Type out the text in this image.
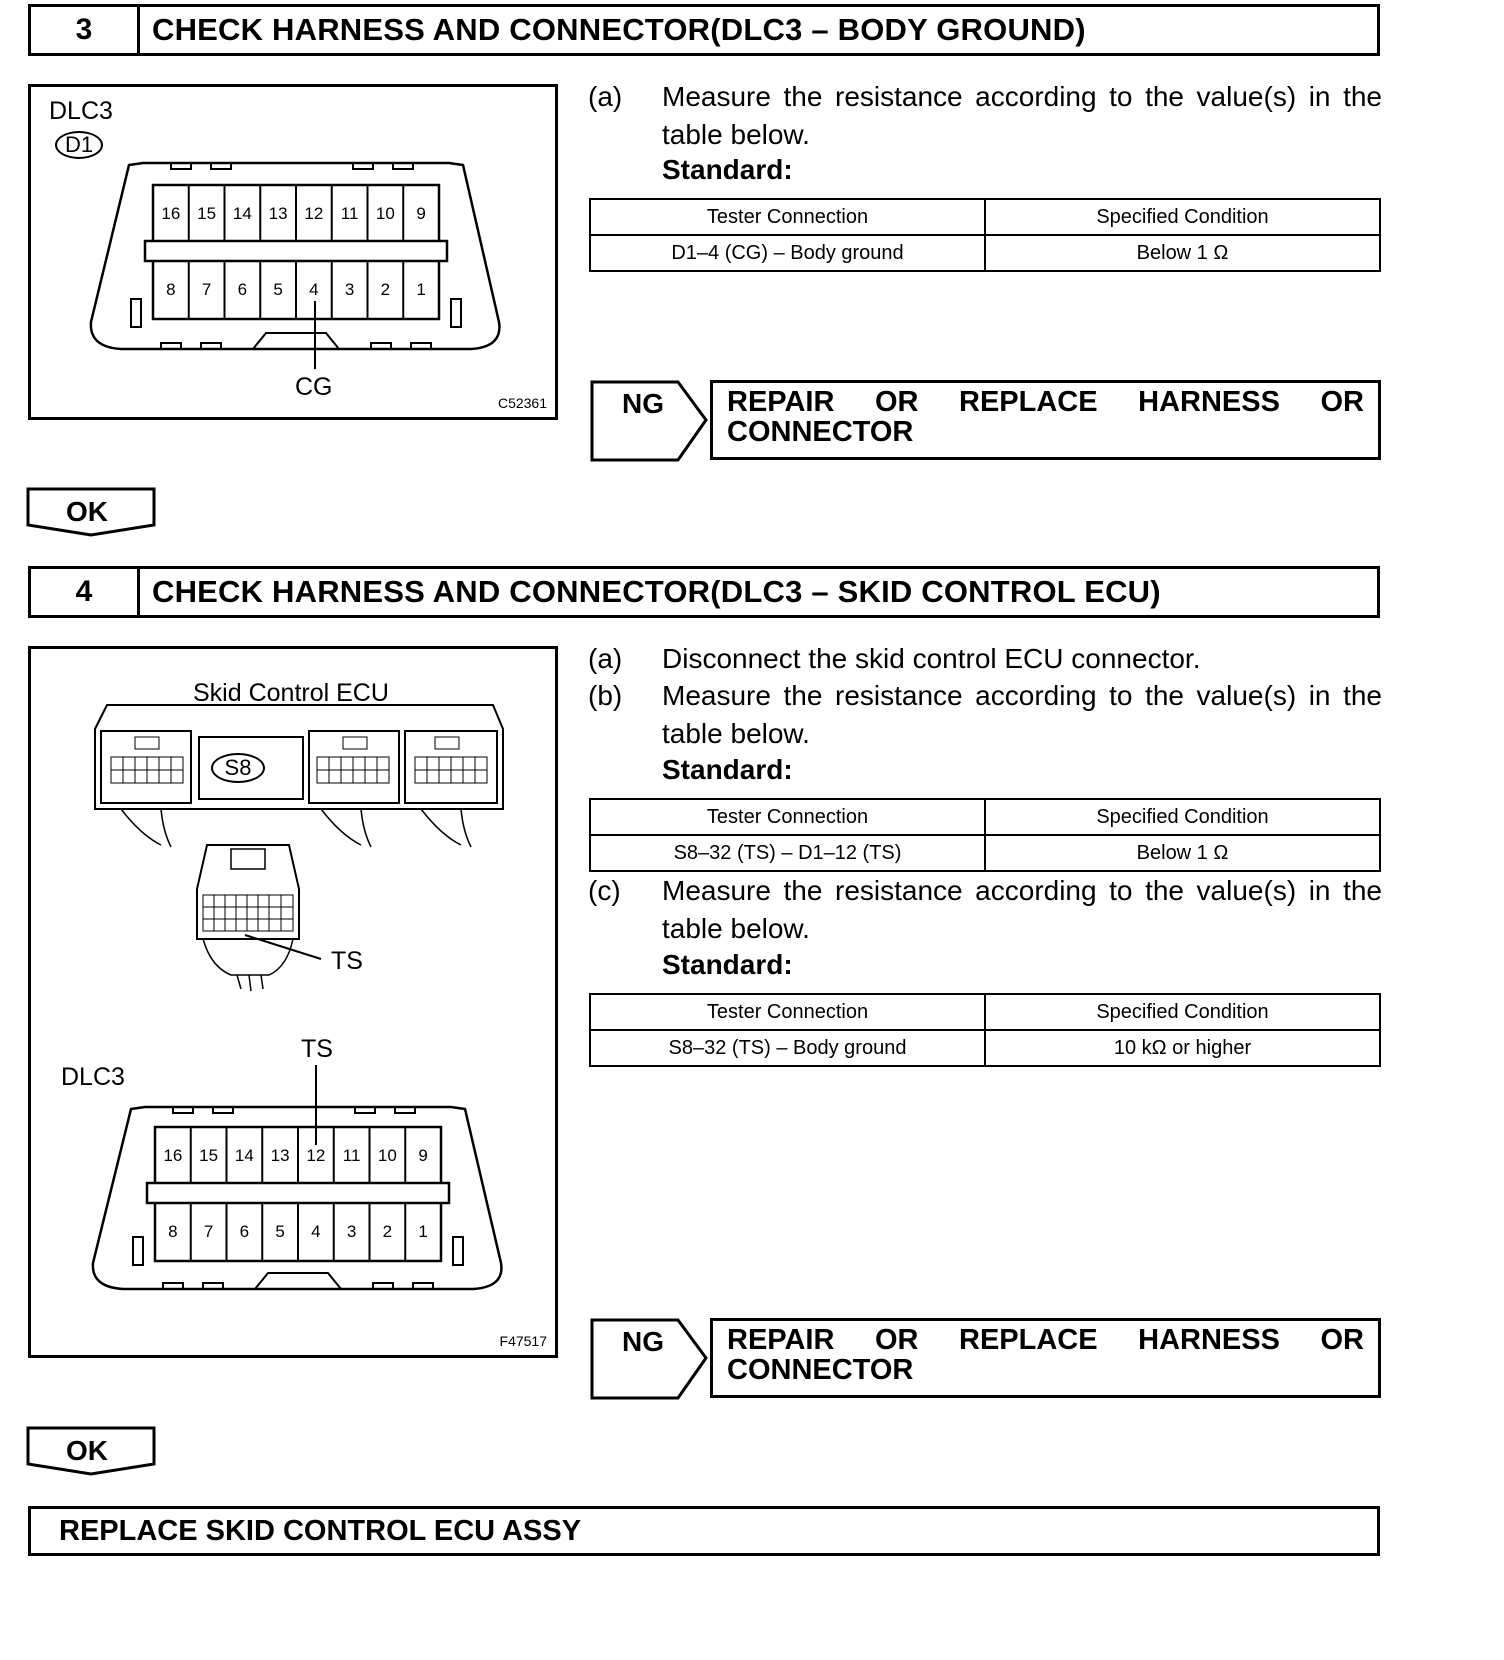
3	CHECK HARNESS AND CONNECTOR(DLC3 – BODY GROUND)
16 15 14 13 12 11 10 9
8 7 6 5 4 3 2 1
DLC3
D1
CG
C52361
(a) Measure the resistance according to the value(s) in the table below.
Standard:
Tester Connection	Specified Condition
D1–4 (CG) – Body ground	Below 1 Ω
NG REPAIR OR REPLACE HARNESS OR
CONNECTOR
OK
4	CHECK HARNESS AND CONNECTOR(DLC3 – SKID CONTROL ECU)
16 15 14 13 12 11 10 9
8 7 6 5 4 3 2 1
Skid Control ECU
S8
TS
TS
DLC3
F47517
(a) Disconnect the skid control ECU connector.
(b) Measure the resistance according to the value(s) in the table below.
Standard:
Tester Connection	Specified Condition
S8–32 (TS) – D1–12 (TS)	Below 1 Ω
(c) Measure the resistance according to the value(s) in the table below.
Standard:
Tester Connection	Specified Condition
S8–32 (TS) – Body ground	10 kΩ or higher
NG REPAIR OR REPLACE HARNESS OR
CONNECTOR
OK
REPLACE SKID CONTROL ECU ASSY
